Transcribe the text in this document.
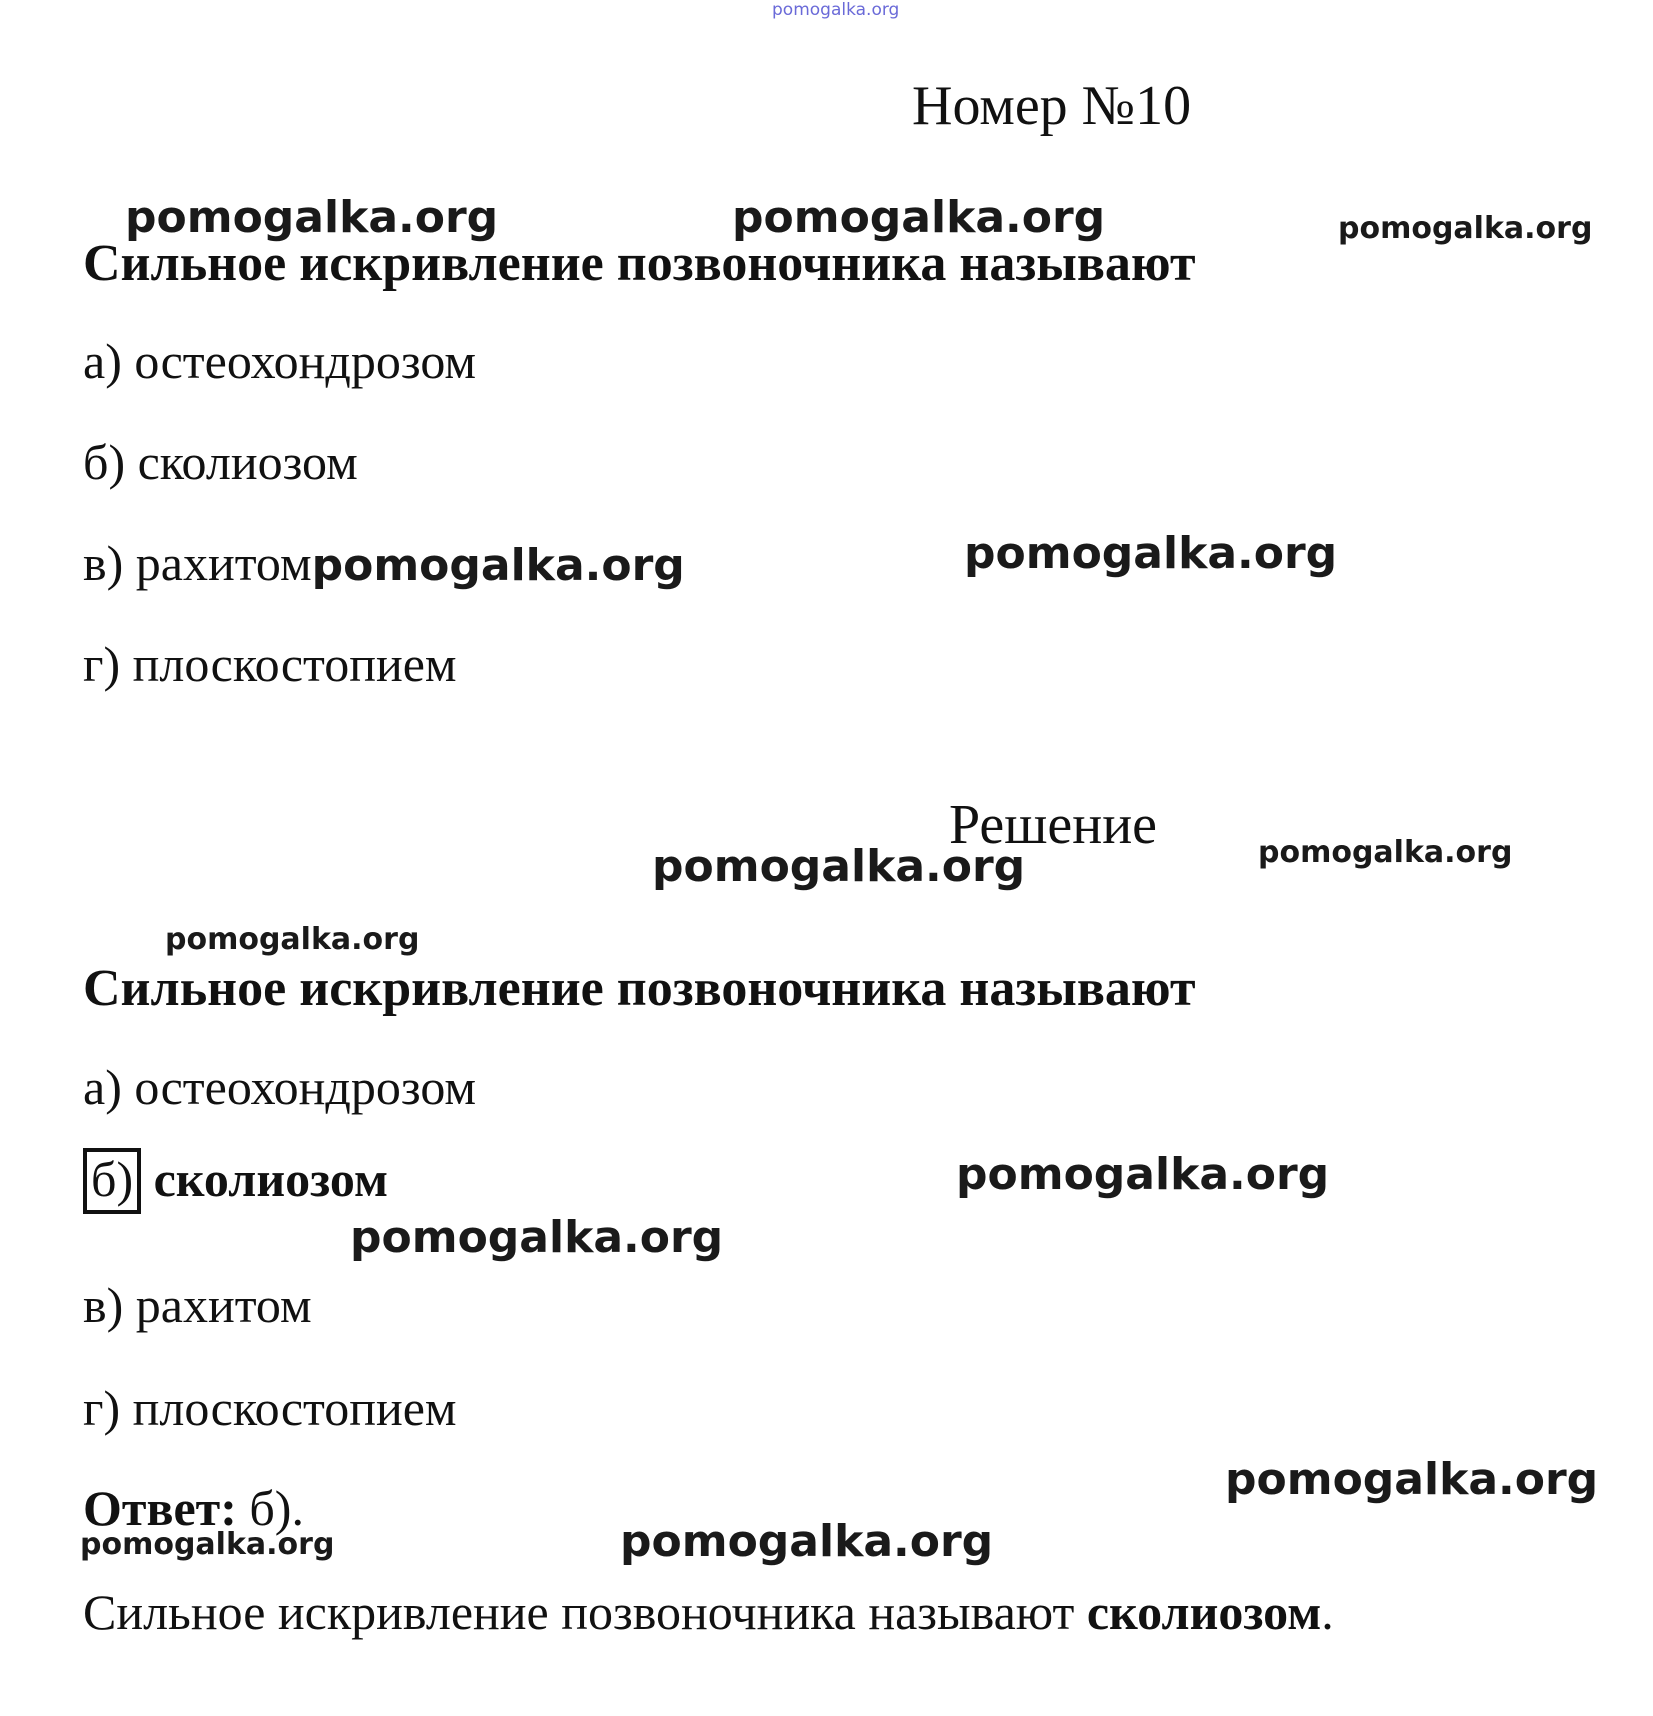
pomogalka.org
Номер №10
pomogalka.org	pomogalka.org	pomogalka.org
Сильное искривление позвоночника называют
а) остеохондрозом
б) сколиозом
в) рахитомpomogalka.org	pomogalka.org
г) плоскостопием
Решение
pomogalka.org	pomogalka.org
pomogalka.org
Сильное искривление позвоночника называют
а) остеохондрозом
б) сколиозом	pomogalka.org
pomogalka.org
в) рахитом
г) плоскостопием
pomogalka.org
Ответ: б).
pomogalka.org	pomogalka.org
Сильное искривление позвоночника называют сколиозом.
